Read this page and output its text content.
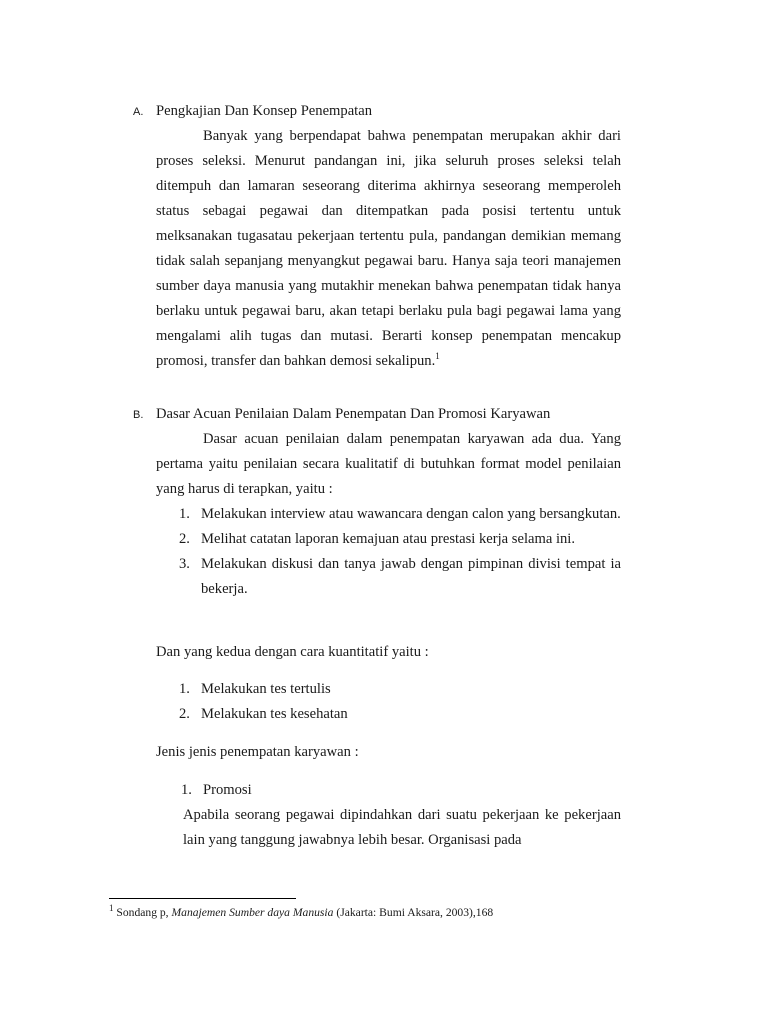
A. Pengkajian Dan Konsep Penempatan
Banyak yang berpendapat bahwa penempatan merupakan akhir dari proses seleksi. Menurut pandangan ini, jika seluruh proses seleksi telah ditempuh dan lamaran seseorang diterima akhirnya seseorang memperoleh status sebagai pegawai dan ditempatkan pada posisi tertentu untuk melksanakan tugasatau pekerjaan tertentu pula, pandangan demikian memang tidak salah sepanjang menyangkut pegawai baru. Hanya saja teori manajemen sumber daya manusia yang mutakhir menekan bahwa penempatan tidak hanya berlaku untuk pegawai baru, akan tetapi berlaku pula bagi pegawai lama yang mengalami alih tugas dan mutasi. Berarti konsep penempatan mencakup promosi, transfer dan bahkan demosi sekalipun.$^1$
B. Dasar Acuan Penilaian Dalam Penempatan Dan Promosi Karyawan
Dasar acuan penilaian dalam penempatan karyawan ada dua. Yang pertama yaitu penilaian secara kualitatif di butuhkan format model penilaian yang harus di terapkan, yaitu :
1. Melakukan interview atau wawancara dengan calon yang bersangkutan.
2. Melihat catatan laporan kemajuan atau prestasi kerja selama ini.
3. Melakukan diskusi dan tanya jawab dengan pimpinan divisi tempat ia bekerja.
Dan yang kedua dengan cara kuantitatif yaitu :
1. Melakukan tes tertulis
2. Melakukan tes kesehatan
Jenis jenis penempatan karyawan :
1. Promosi
Apabila seorang pegawai dipindahkan dari suatu pekerjaan ke pekerjaan lain yang tanggung jawabnya lebih besar. Organisasi pada
$^1$ Sondang p, Manajemen Sumber daya Manusia (Jakarta: Bumi Aksara, 2003),168
